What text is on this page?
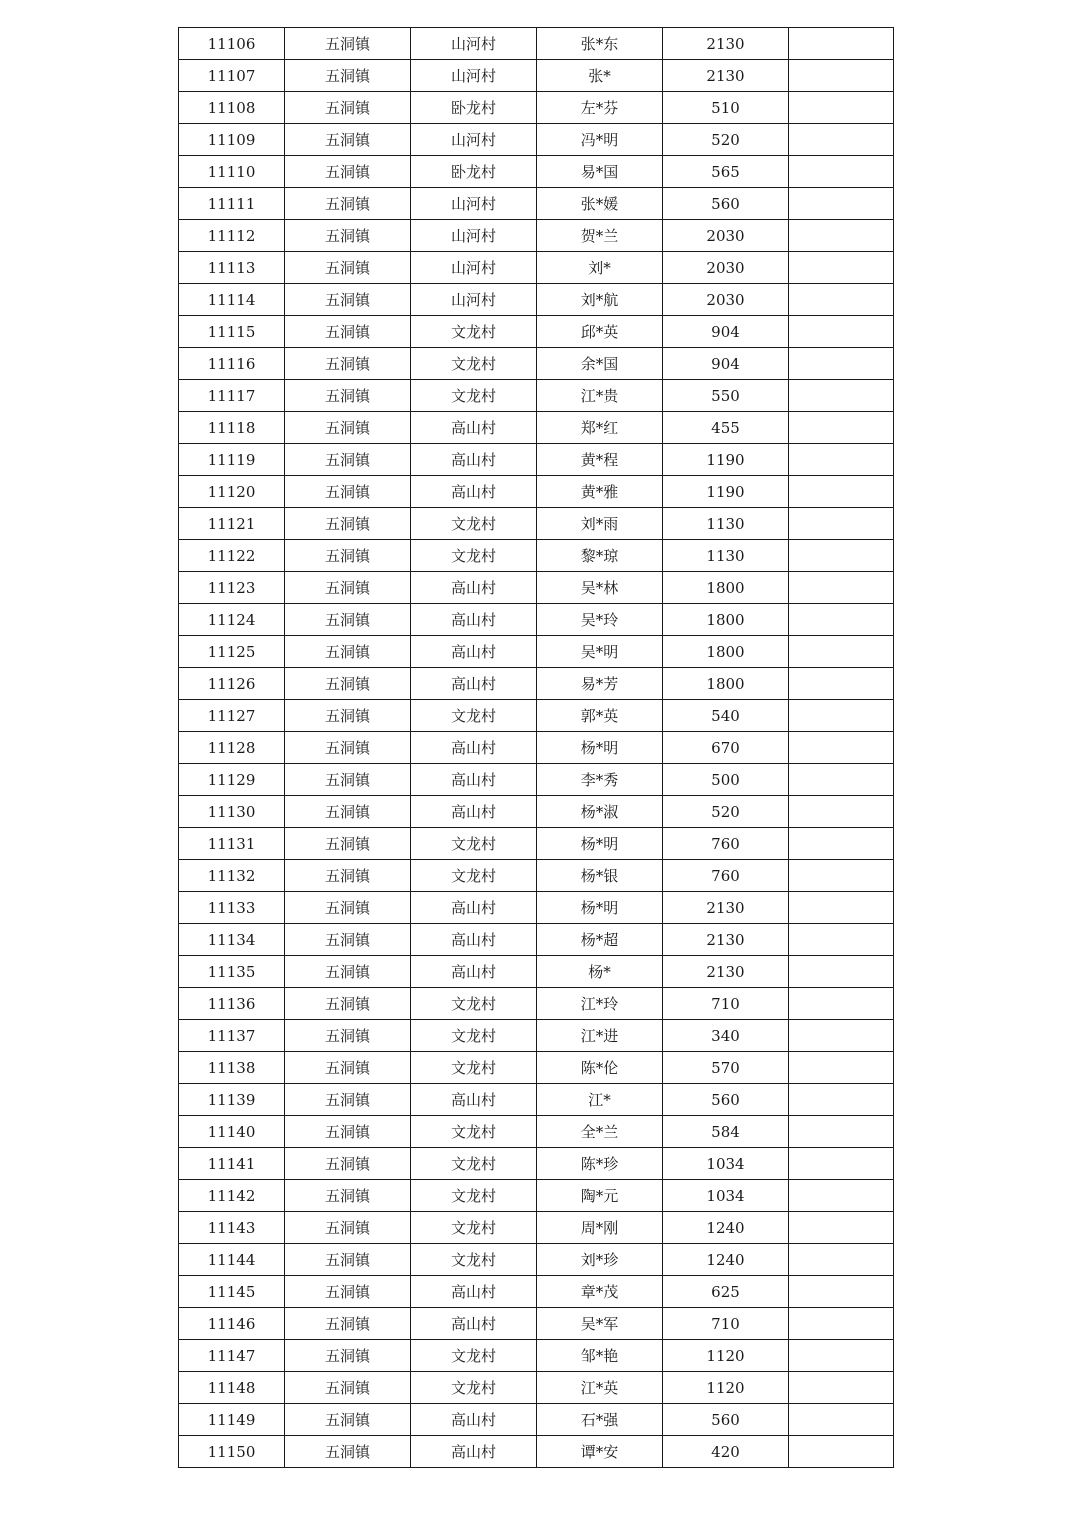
11106	五洞镇	山河村	张*东	2130	
11107	五洞镇	山河村	张*	2130	
11108	五洞镇	卧龙村	左*芬	510	
11109	五洞镇	山河村	冯*明	520	
11110	五洞镇	卧龙村	易*国	565	
11111	五洞镇	山河村	张*媛	560	
11112	五洞镇	山河村	贺*兰	2030	
11113	五洞镇	山河村	刘*	2030	
11114	五洞镇	山河村	刘*航	2030	
11115	五洞镇	文龙村	邱*英	904	
11116	五洞镇	文龙村	余*国	904	
11117	五洞镇	文龙村	江*贵	550	
11118	五洞镇	高山村	郑*红	455	
11119	五洞镇	高山村	黄*程	1190	
11120	五洞镇	高山村	黄*雅	1190	
11121	五洞镇	文龙村	刘*雨	1130	
11122	五洞镇	文龙村	黎*琼	1130	
11123	五洞镇	高山村	吴*林	1800	
11124	五洞镇	高山村	吴*玲	1800	
11125	五洞镇	高山村	吴*明	1800	
11126	五洞镇	高山村	易*芳	1800	
11127	五洞镇	文龙村	郭*英	540	
11128	五洞镇	高山村	杨*明	670	
11129	五洞镇	高山村	李*秀	500	
11130	五洞镇	高山村	杨*淑	520	
11131	五洞镇	文龙村	杨*明	760	
11132	五洞镇	文龙村	杨*银	760	
11133	五洞镇	高山村	杨*明	2130	
11134	五洞镇	高山村	杨*超	2130	
11135	五洞镇	高山村	杨*	2130	
11136	五洞镇	文龙村	江*玲	710	
11137	五洞镇	文龙村	江*进	340	
11138	五洞镇	文龙村	陈*伦	570	
11139	五洞镇	高山村	江*	560	
11140	五洞镇	文龙村	全*兰	584	
11141	五洞镇	文龙村	陈*珍	1034	
11142	五洞镇	文龙村	陶*元	1034	
11143	五洞镇	文龙村	周*刚	1240	
11144	五洞镇	文龙村	刘*珍	1240	
11145	五洞镇	高山村	章*茂	625	
11146	五洞镇	高山村	吴*军	710	
11147	五洞镇	文龙村	邹*艳	1120	
11148	五洞镇	文龙村	江*英	1120	
11149	五洞镇	高山村	石*强	560	
11150	五洞镇	高山村	谭*安	420	
